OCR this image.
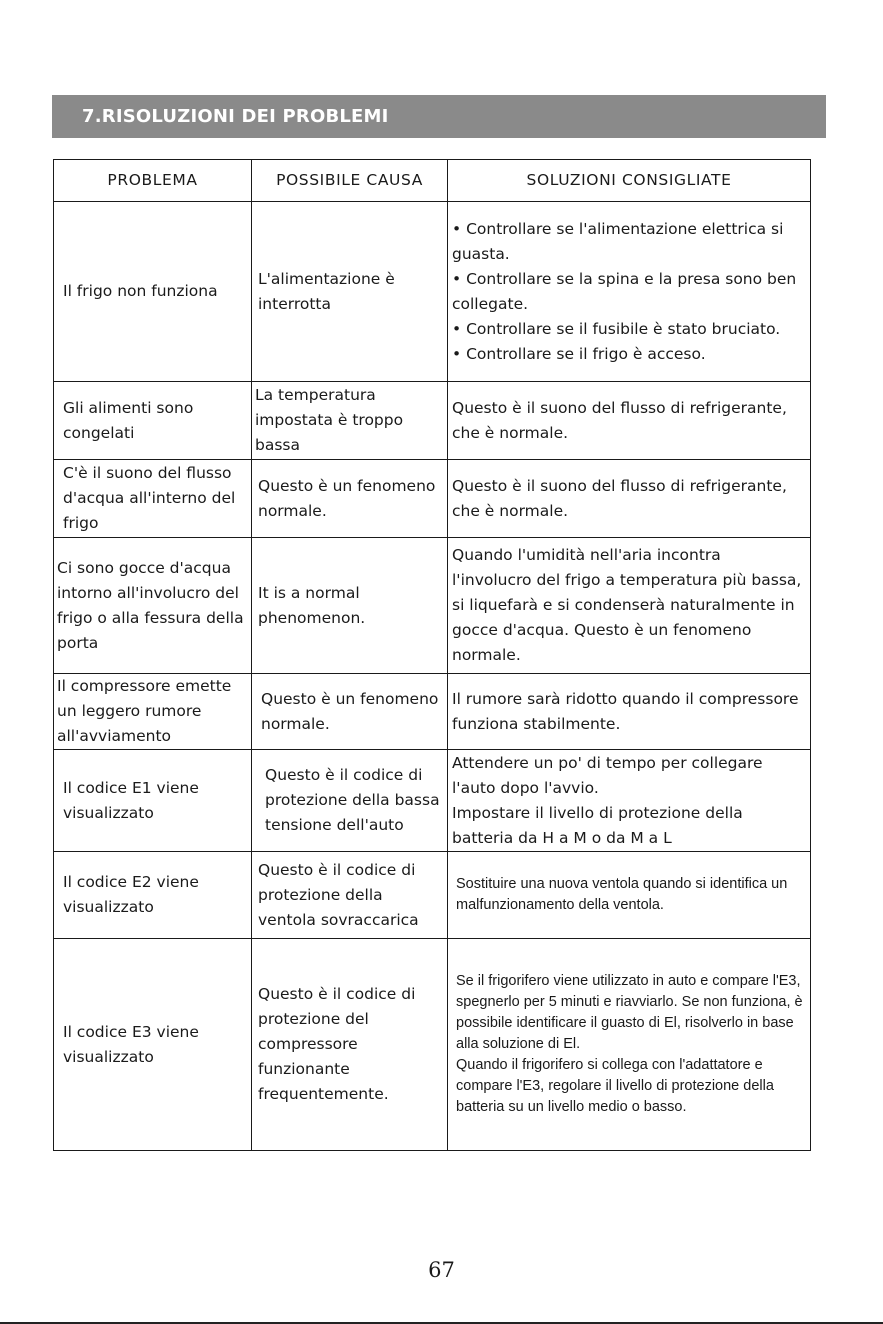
7.RISOLUZIONI DEI PROBLEMI
PROBLEMA	POSSIBILE CAUSA	SOLUZIONI CONSIGLIATE
Il frigo non funziona	L'alimentazione è interrotta	• Controllare se l'alimentazione elettrica si guasta.
• Controllare se la spina e la presa sono ben collegate.
• Controllare se il fusibile è stato bruciato.
• Controllare se il frigo è acceso.

Gli alimenti sono congelati	La temperatura impostata è troppo bassa	Questo è il suono del flusso di refrigerante, che è normale.

C'è il suono del flusso d'acqua all'interno del frigo	Questo è un fenomeno normale.	Questo è il suono del flusso di refrigerante, che è normale.

Ci sono gocce d'acqua intorno all'involucro del frigo o alla fessura della porta	It is a normal phenomenon.	Quando l'umidità nell'aria incontra l'involucro del frigo a temperatura più bassa, si liquefarà e si condenserà naturalmente in gocce d'acqua. Questo è un fenomeno normale.

Il compressore emette un leggero rumore all'avviamento	Questo è un fenomeno normale.	Il rumore sarà ridotto quando il compressore funziona stabilmente.

Il codice E1 viene visualizzato	Questo è il codice di protezione della bassa tensione dell'auto	Attendere un po' di tempo per collegare l'auto dopo l'avvio.
Impostare il livello di protezione della batteria da H a M o da M a L

Il codice E2 viene visualizzato	Questo è il codice di protezione della ventola sovraccarica	Sostituire una nuova ventola quando si identifica un malfunzionamento della ventola.

Il codice E3 viene visualizzato	Questo è il codice di protezione del compressore funzionante frequentemente.	Se il frigorifero viene utilizzato in auto e compare l'E3, spegnerlo per 5 minuti e riavviarlo. Se non funziona, è possibile identificare il guasto di El, risolverlo in base alla soluzione di El.
Quando il frigorifero si collega con l'adattatore e compare l'E3, regolare il livello di protezione della batteria su un livello medio o basso.
67
